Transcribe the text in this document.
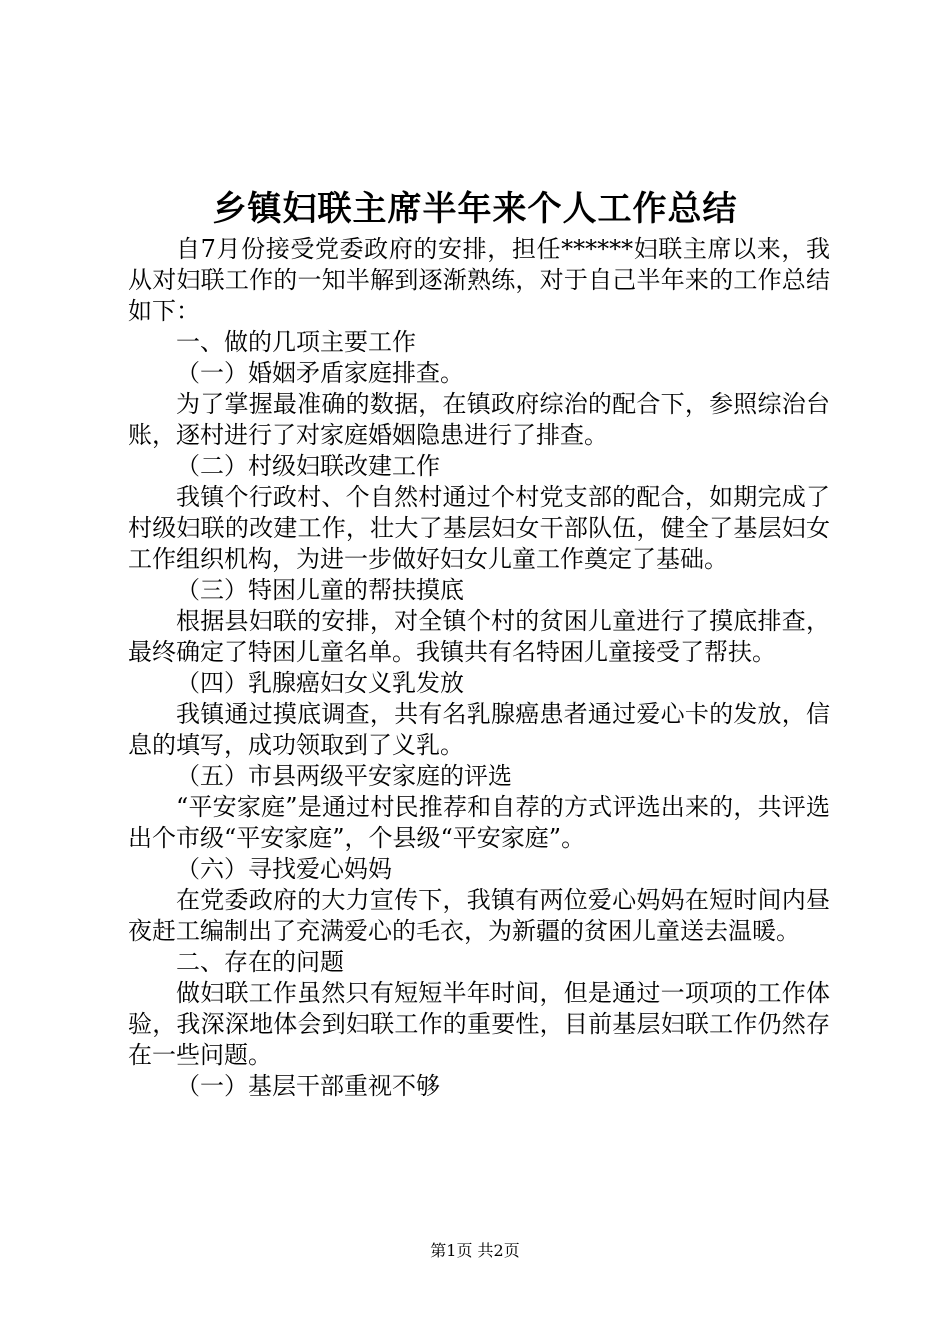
乡镇妇联主席半年来个人工作总结

自7月份接受党委政府的安排，担任******妇联主席以来，我从对妇联工作的一知半解到逐渐熟练，对于自己半年来的工作总结如下：

一、做的几项主要工作

（一）婚姻矛盾家庭排查。

为了掌握最准确的数据，在镇政府综治的配合下，参照综治台账，逐村进行了对家庭婚姻隐患进行了排查。

（二）村级妇联改建工作

我镇个行政村、个自然村通过个村党支部的配合，如期完成了村级妇联的改建工作，壮大了基层妇女干部队伍，健全了基层妇女工作组织机构，为进一步做好妇女儿童工作奠定了基础。

（三）特困儿童的帮扶摸底

根据县妇联的安排，对全镇个村的贫困儿童进行了摸底排查，最终确定了特困儿童名单。我镇共有名特困儿童接受了帮扶。

（四）乳腺癌妇女义乳发放

我镇通过摸底调查，共有名乳腺癌患者通过爱心卡的发放，信息的填写，成功领取到了义乳。

（五）市县两级平安家庭的评选

“平安家庭”是通过村民推荐和自荐的方式评选出来的，共评选出个市级“平安家庭”，个县级“平安家庭”。

（六）寻找爱心妈妈

在党委政府的大力宣传下，我镇有两位爱心妈妈在短时间内昼夜赶工编制出了充满爱心的毛衣，为新疆的贫困儿童送去温暖。

二、存在的问题

做妇联工作虽然只有短短半年时间，但是通过一项项的工作体验，我深深地体会到妇联工作的重要性，目前基层妇联工作仍然存在一些问题。

（一）基层干部重视不够

第1页 共2页
